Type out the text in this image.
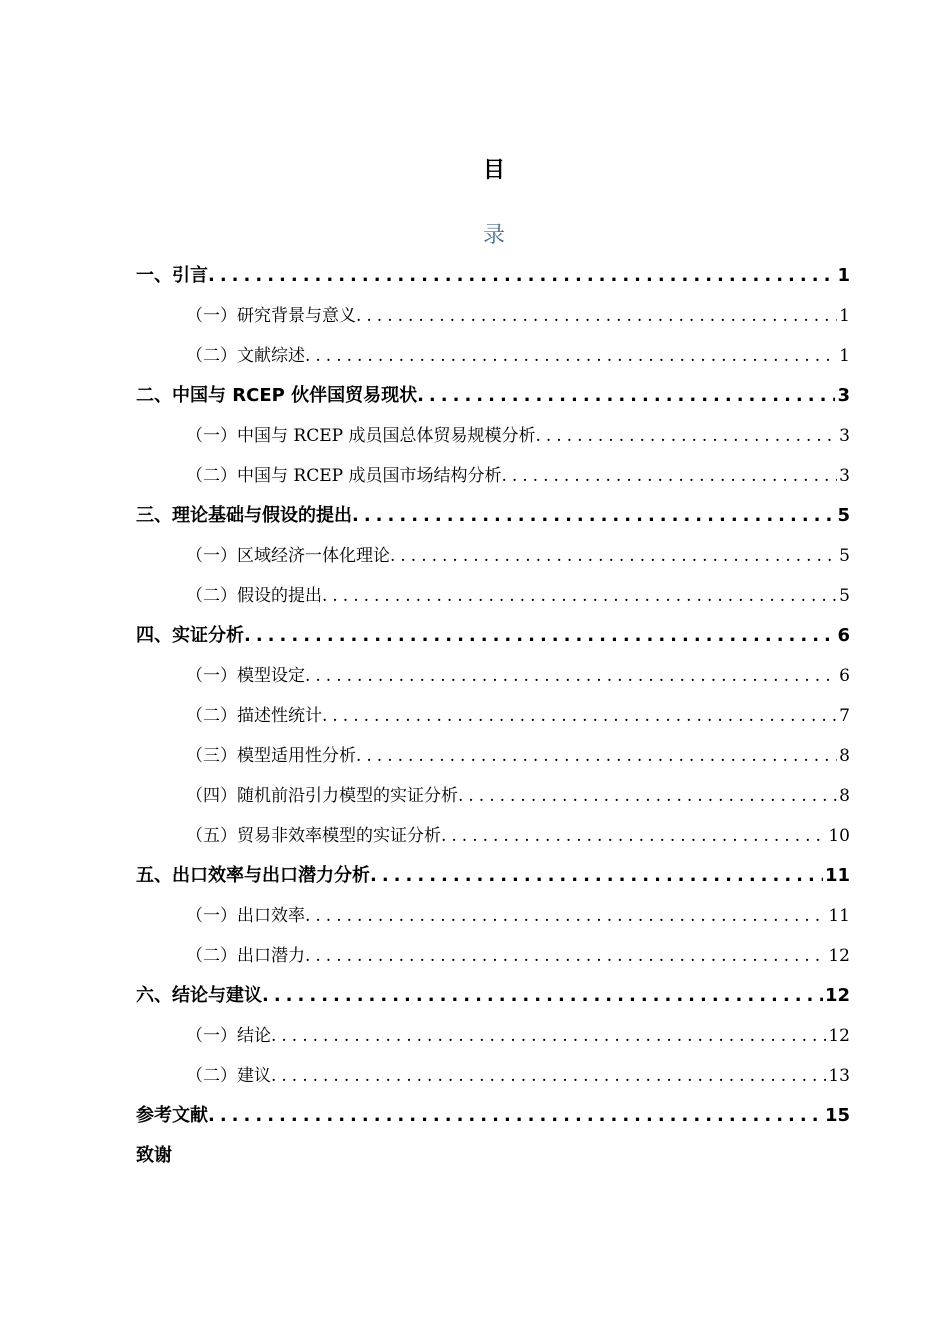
目
录
一、引言 .....	1
（一）研究背景与意义 .....	1
（二）文献综述 .....	1
二、中国与 RCEP 伙伴国贸易现状 .....	3
（一）中国与 RCEP 成员国总体贸易规模分析 .....	3
（二）中国与 RCEP 成员国市场结构分析 .....	3
三、理论基础与假设的提出 .....	5
（一）区域经济一体化理论 .....	5
（二）假设的提出 .....	5
四、实证分析 .....	6
（一）模型设定 .....	6
（二）描述性统计 .....	7
（三）模型适用性分析 .....	8
（四）随机前沿引力模型的实证分析 .....	8
（五）贸易非效率模型的实证分析 .....	10
五、出口效率与出口潜力分析 .....	11
（一）出口效率 .....	11
（二）出口潜力 .....	12
六、结论与建议 .....	12
（一）结论 .....	12
（二）建议 .....	13
参考文献 .....	15
致谢
